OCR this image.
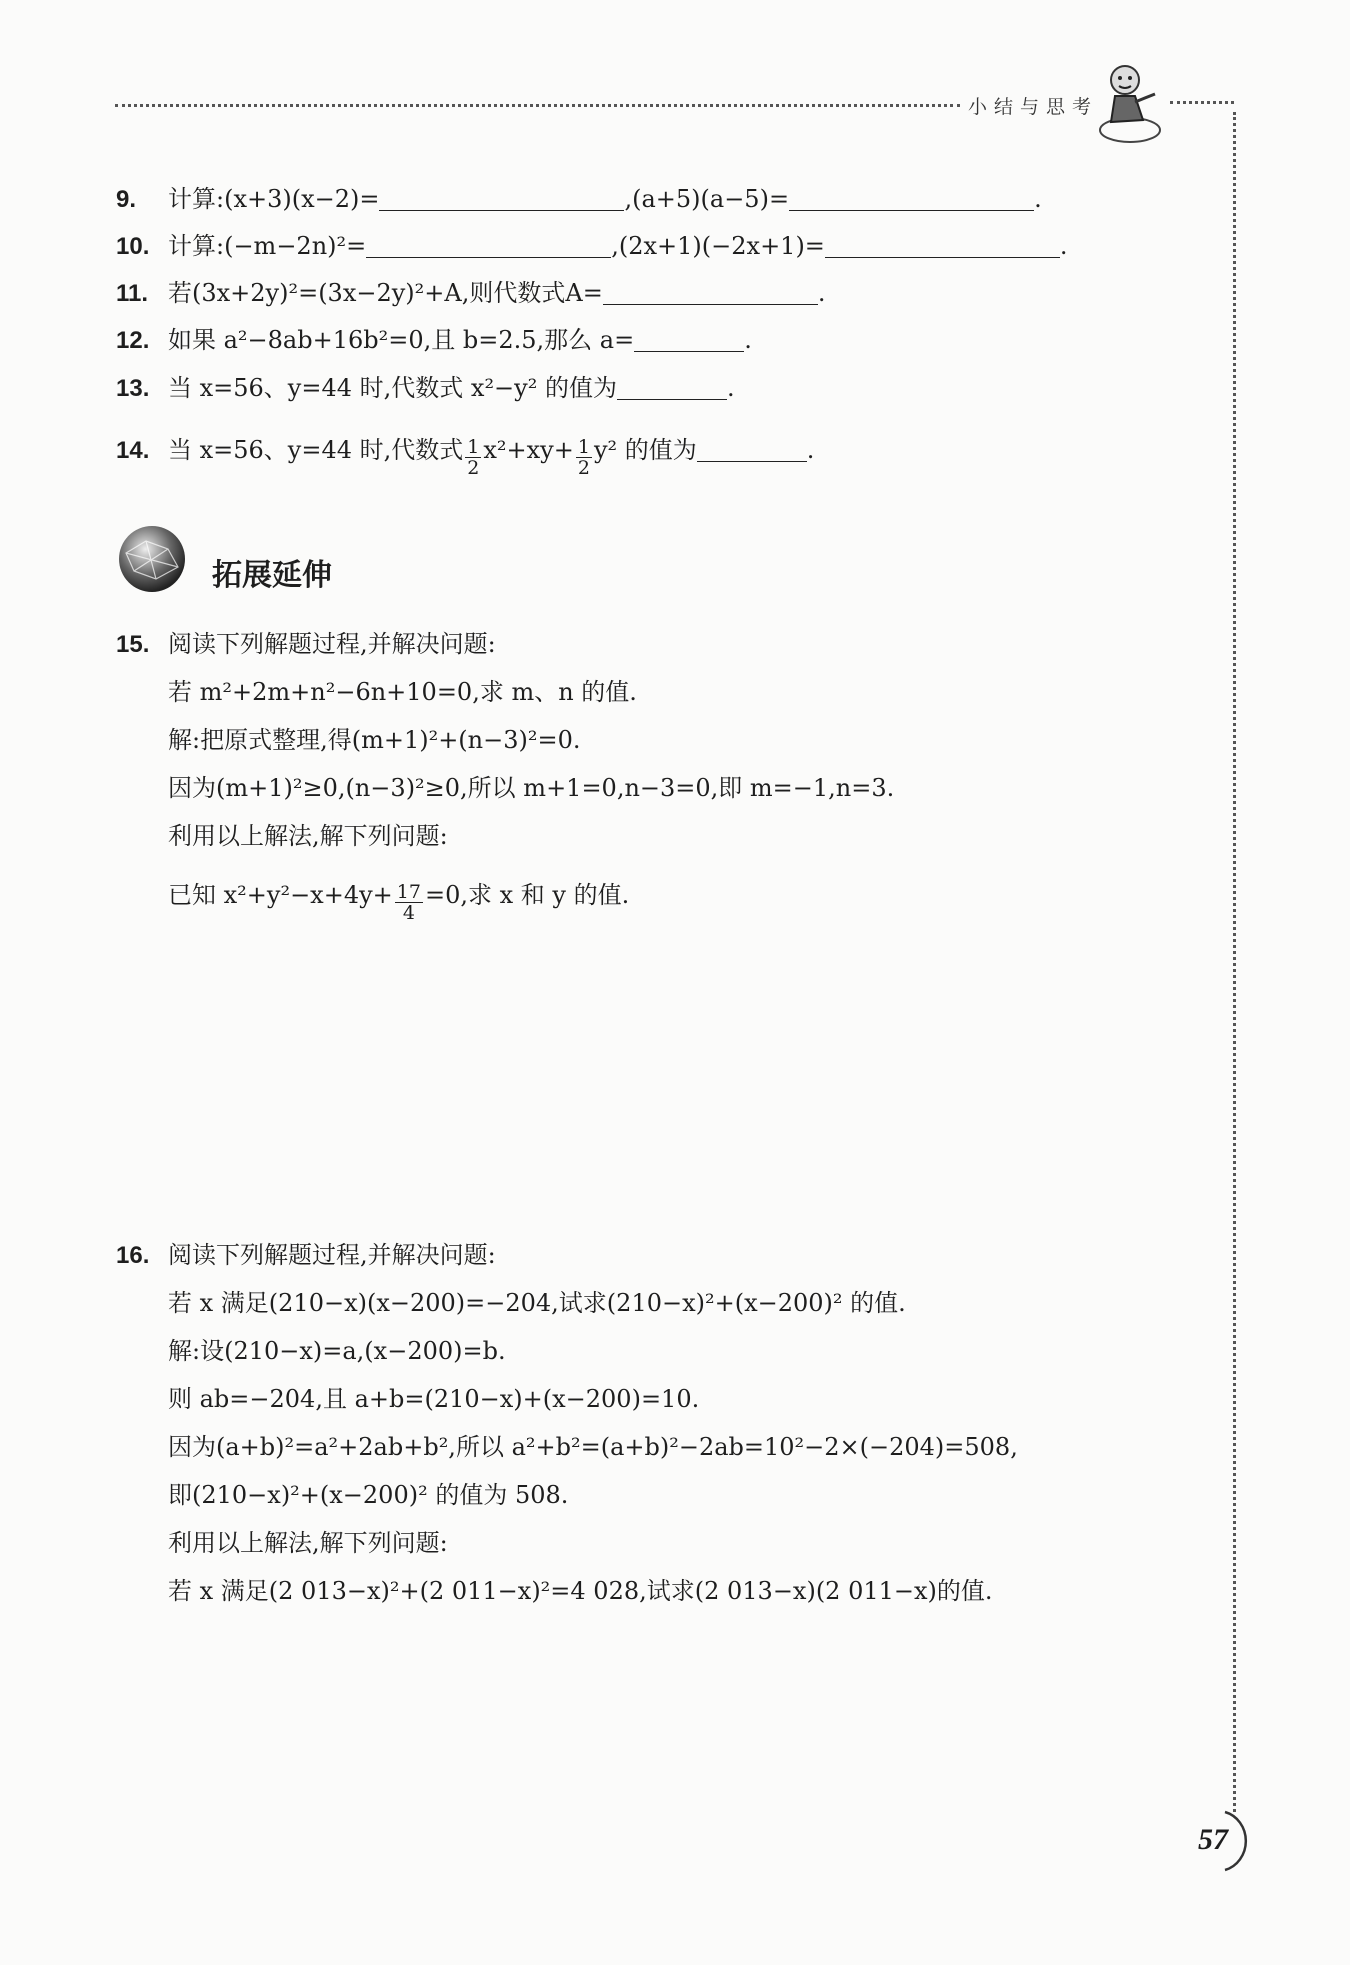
小结与思考
9. 计算:(x+3)(x−2)=	,(a+5)(a−5)=	.
10. 计算:(−m−2n)²=	,(2x+1)(−2x+1)=	.
11. 若(3x+2y)²=(3x−2y)²+A,则代数式A=	.
12. 如果 a²−8ab+16b²=0,且 b=2.5,那么 a=	.
13. 当 x=56、y=44 时,代数式 x²−y² 的值为	.
14. 当 x=56、y=44 时,代数式 $\frac{1}{2} x^2+xy+ \frac{1}{2} y^2$ 的值为	.
拓展延伸
15. 阅读下列解题过程,并解决问题:
若 m²+2m+n²−6n+10=0,求 m、n 的值.
解:把原式整理,得(m+1)²+(n−3)²=0.
因为(m+1)²≥0,(n−3)²≥0,所以 m+1=0,n−3=0,即 m=−1,n=3.
利用以上解法,解下列问题:
已知 $x^2+y^2-x+4y+ \frac{17}{4} =0$,求 x 和 y 的值.
16. 阅读下列解题过程,并解决问题:
若 x 满足(210−x)(x−200)=−204,试求(210−x)²+(x−200)² 的值.
解:设(210−x)=a,(x−200)=b.
则 ab=−204,且 a+b=(210−x)+(x−200)=10.
因为(a+b)²=a²+2ab+b²,所以 a²+b²=(a+b)²−2ab=10²−2×(−204)=508,
即(210−x)²+(x−200)² 的值为 508.
利用以上解法,解下列问题:
若 x 满足(2 013−x)²+(2 011−x)²=4 028,试求(2 013−x)(2 011−x)的值.
57
